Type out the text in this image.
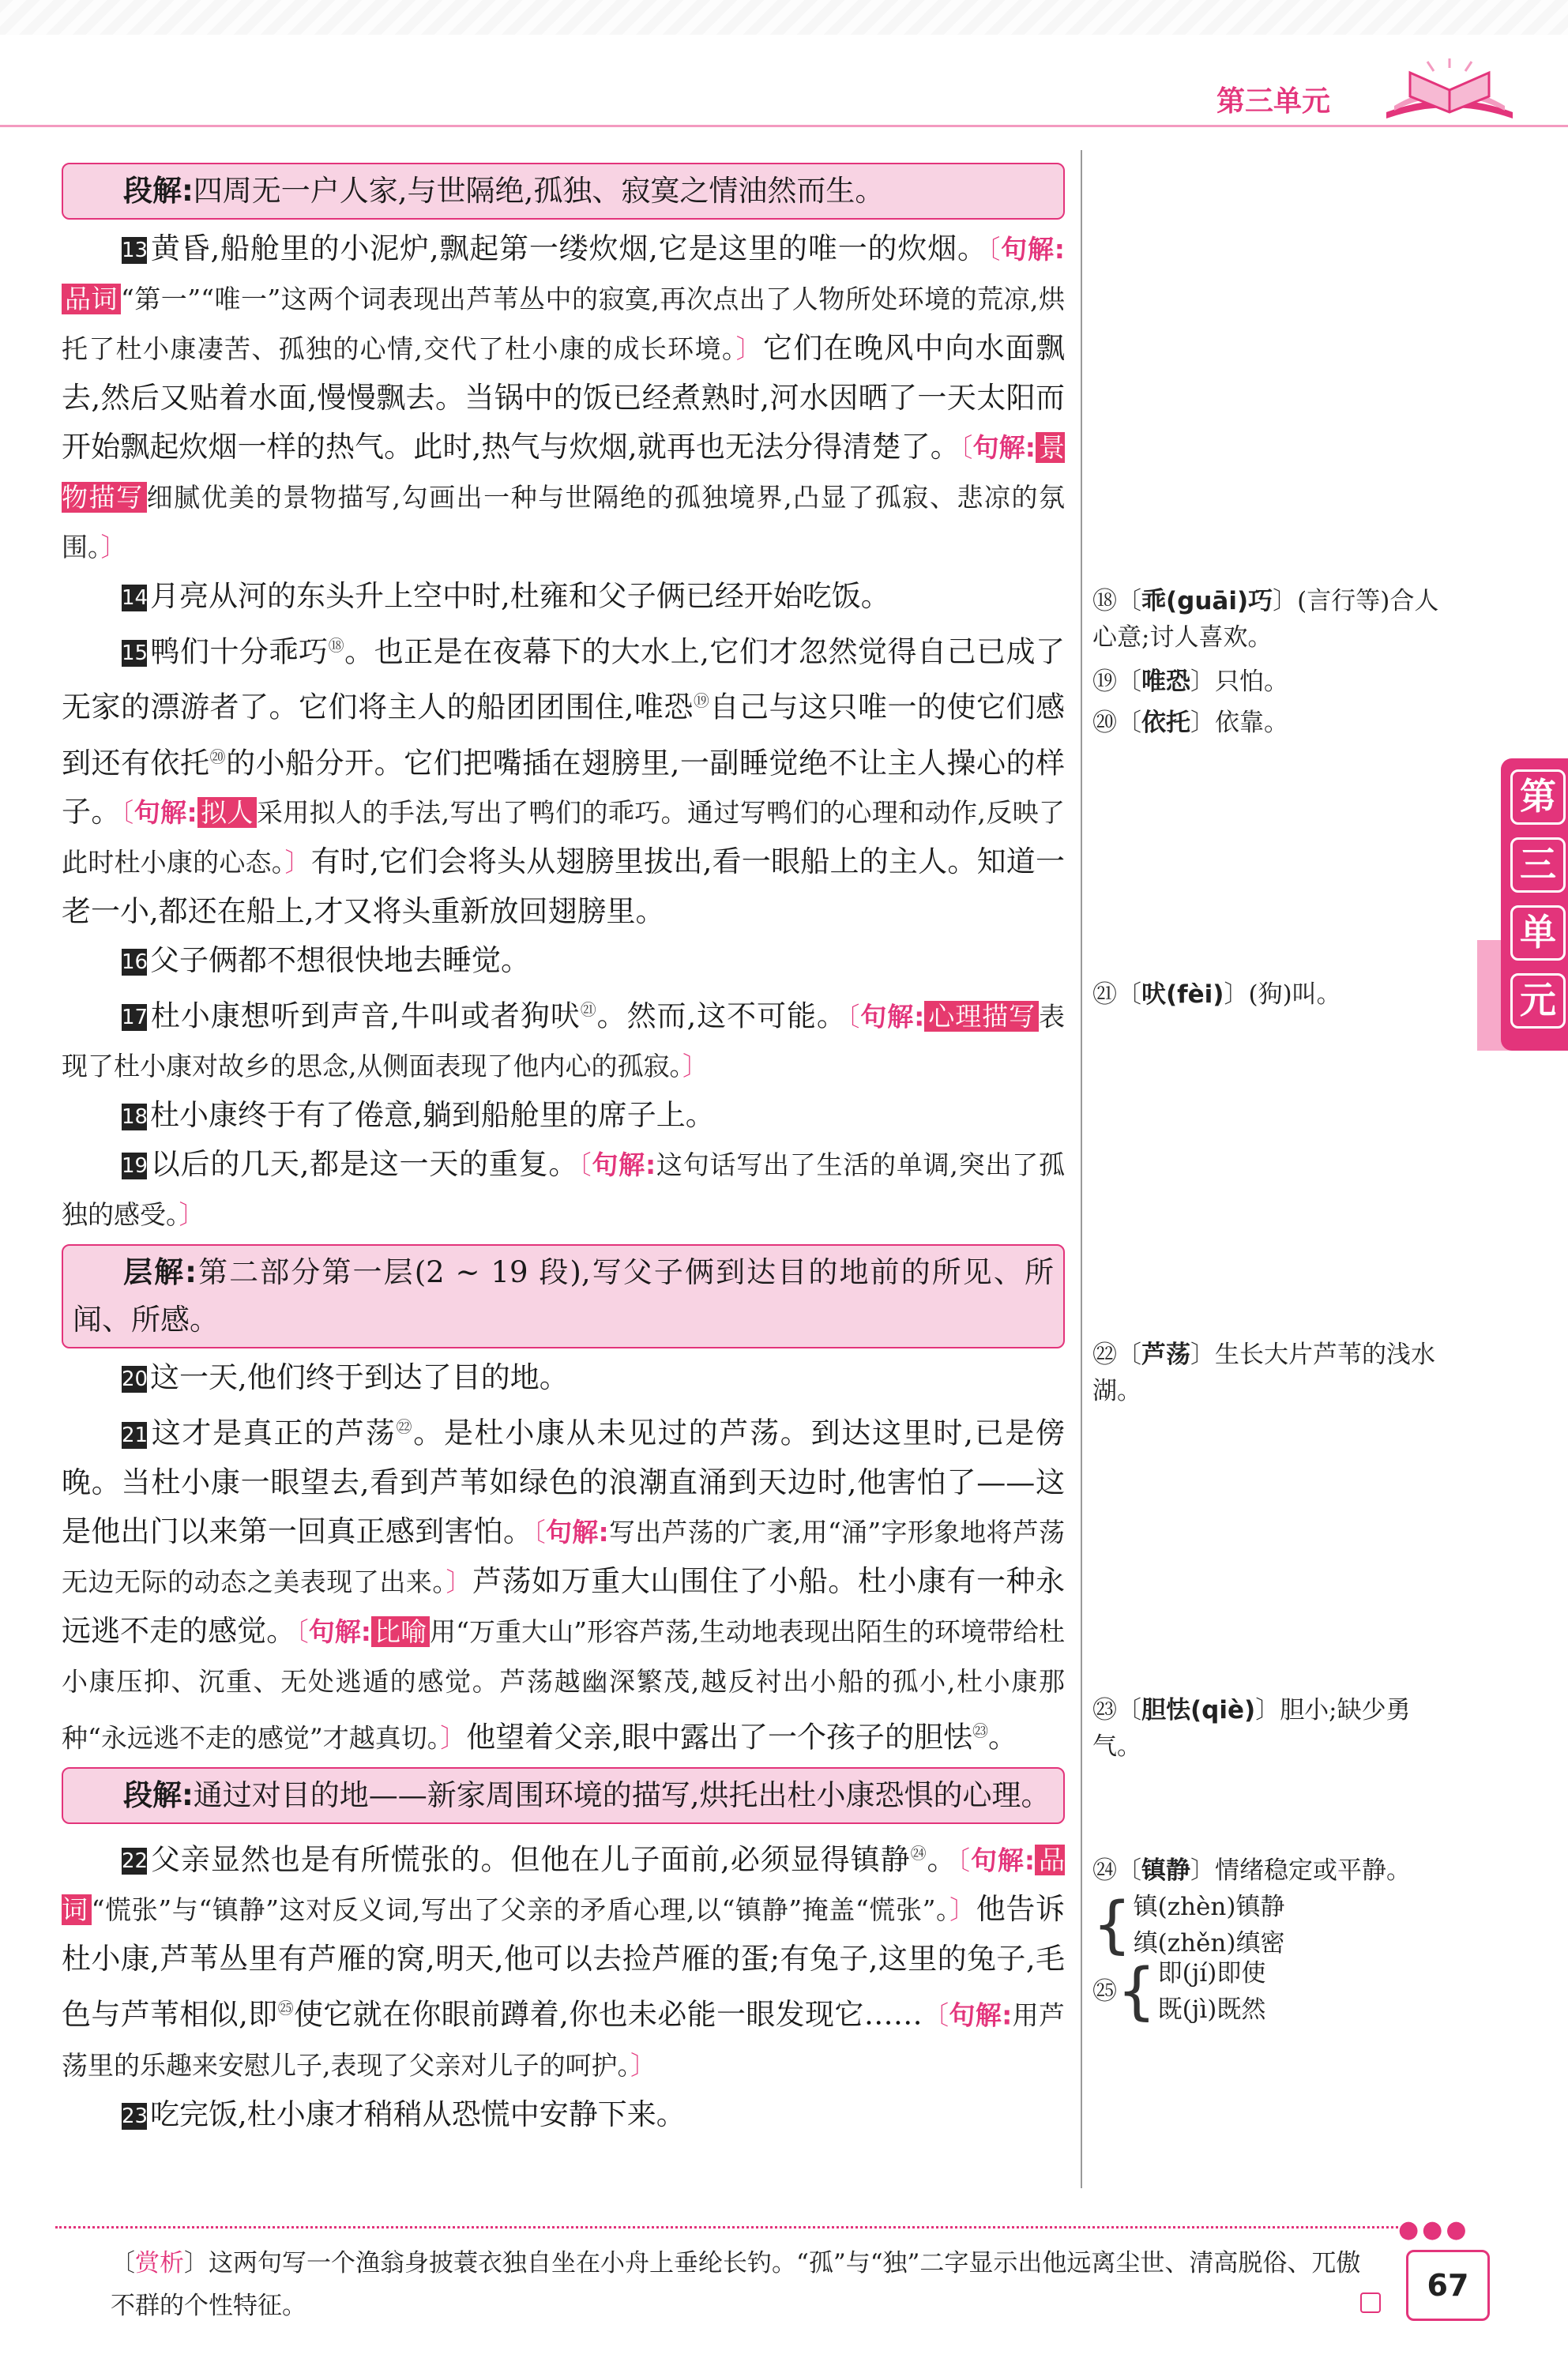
第三单元
段解:四周无一户人家,与世隔绝,孤独、寂寞之情油然而生。

13黄昏,船舱里的小泥炉,飘起第一缕炊烟,它是这里的唯一的炊烟。〔句解:品词 “第一”“唯一”这两个词表现出芦苇丛中的寂寞,再次点出了人物所处环境的荒凉,烘托了杜小康凄苦、孤独的心情,交代了杜小康的成长环境。〕它们在晚风中向水面飘去,然后又贴着水面,慢慢飘去。当锅中的饭已经煮熟时,河水因晒了一天太阳而开始飘起炊烟一样的热气。此时,热气与炊烟,就再也无法分得清楚了。〔句解: 景物描写 细腻优美的景物描写,勾画出一种与世隔绝的孤独境界,凸显了孤寂、悲凉的氛围。〕

14月亮从河的东头升上空中时,杜雍和父子俩已经开始吃饭。

15鸭们十分乖巧⑱。也正是在夜幕下的大水上,它们才忽然觉得自己已成了无家的漂游者了。它们将主人的船团团围住,唯恐⑲自己与这只唯一的使它们感到还有依托⑳的小船分开。它们把嘴插在翅膀里,一副睡觉绝不让主人操心的样子。〔句解: 拟人 采用拟人的手法,写出了鸭们的乖巧。通过写鸭们的心理和动作,反映了此时杜小康的心态。〕有时,它们会将头从翅膀里拔出,看一眼船上的主人。知道一老一小,都还在船上,才又将头重新放回翅膀里。

16父子俩都不想很快地去睡觉。

17杜小康想听到声音,牛叫或者狗吠$^㉑$。然而,这不可能。〔句解: 心理描写 表现了杜小康对故乡的思念,从侧面表现了他内心的孤寂。〕

18杜小康终于有了倦意,躺到船舱里的席子上。

19以后的几天,都是这一天的重复。〔句解:这句话写出了生活的单调,突出了孤独的感受。〕

层解:第二部分第一层(2 ~ 19 段),写父子俩到达目的地前的所见、所闻、所感。

20这一天,他们终于到达了目的地。

21这才是真正的芦荡$^㉒$。是杜小康从未见过的芦荡。到达这里时,已是傍晚。当杜小康一眼望去,看到芦苇如绿色的浪潮直涌到天边时,他害怕了——这是他出门以来第一回真正感到害怕。〔句解:写出芦荡的广袤,用“涌”字形象地将芦荡无边无际的动态之美表现了出来。〕芦荡如万重大山围住了小船。杜小康有一种永远逃不走的感觉。〔句解: 比喻 用“万重大山”形容芦荡,生动地表现出陌生的环境带给杜小康压抑、沉重、无处逃遁的感觉。芦荡越幽深繁茂,越反衬出小船的孤小,杜小康那种“永远逃不走的感觉”才越真切。〕他望着父亲,眼中露出了一个孩子的胆怯$^㉓$。

段解:通过对目的地——新家周围环境的描写,烘托出杜小康恐惧的心理。

22父亲显然也是有所慌张的。但他在儿子面前,必须显得镇静$^㉔$。〔句解: 品词 “慌张”与“镇静”这对反义词,写出了父亲的矛盾心理,以“镇静”掩盖“慌张”。〕他告诉杜小康,芦苇丛里有芦雁的窝,明天,他可以去捡芦雁的蛋;有兔子,这里的兔子,毛色与芦苇相似,即$^㉕$使它就在你眼前蹲着,你也未必能一眼发现它……〔句解:用芦荡里的乐趣来安慰儿子,表现了父亲对儿子的呵护。〕

23吃完饭,杜小康才稍稍从恐慌中安静下来。

⑱〔乖(guāi)巧〕(言行等)合人心意;讨人喜欢。
⑲〔唯恐〕只怕。
⑳〔依托〕依靠。
㉑〔吠(fèi)〕(狗)叫。
㉒〔芦荡〕生长大片芦苇的浅水湖。
㉓〔胆怯(qiè)〕胆小;缺少勇气。
㉔〔镇静〕情绪稳定或平静。
{ 镇(zhèn)镇静
缜(zhěn)缜密
㉕ { 即(jí)即使
既(jì)既然
第
三
单
元
●●●
〔赏析〕这两句写一个渔翁身披蓑衣独自坐在小舟上垂纶长钓。“孤”与“独”二字显示出他远离尘世、清高脱俗、兀傲不群的个性特征。
67
